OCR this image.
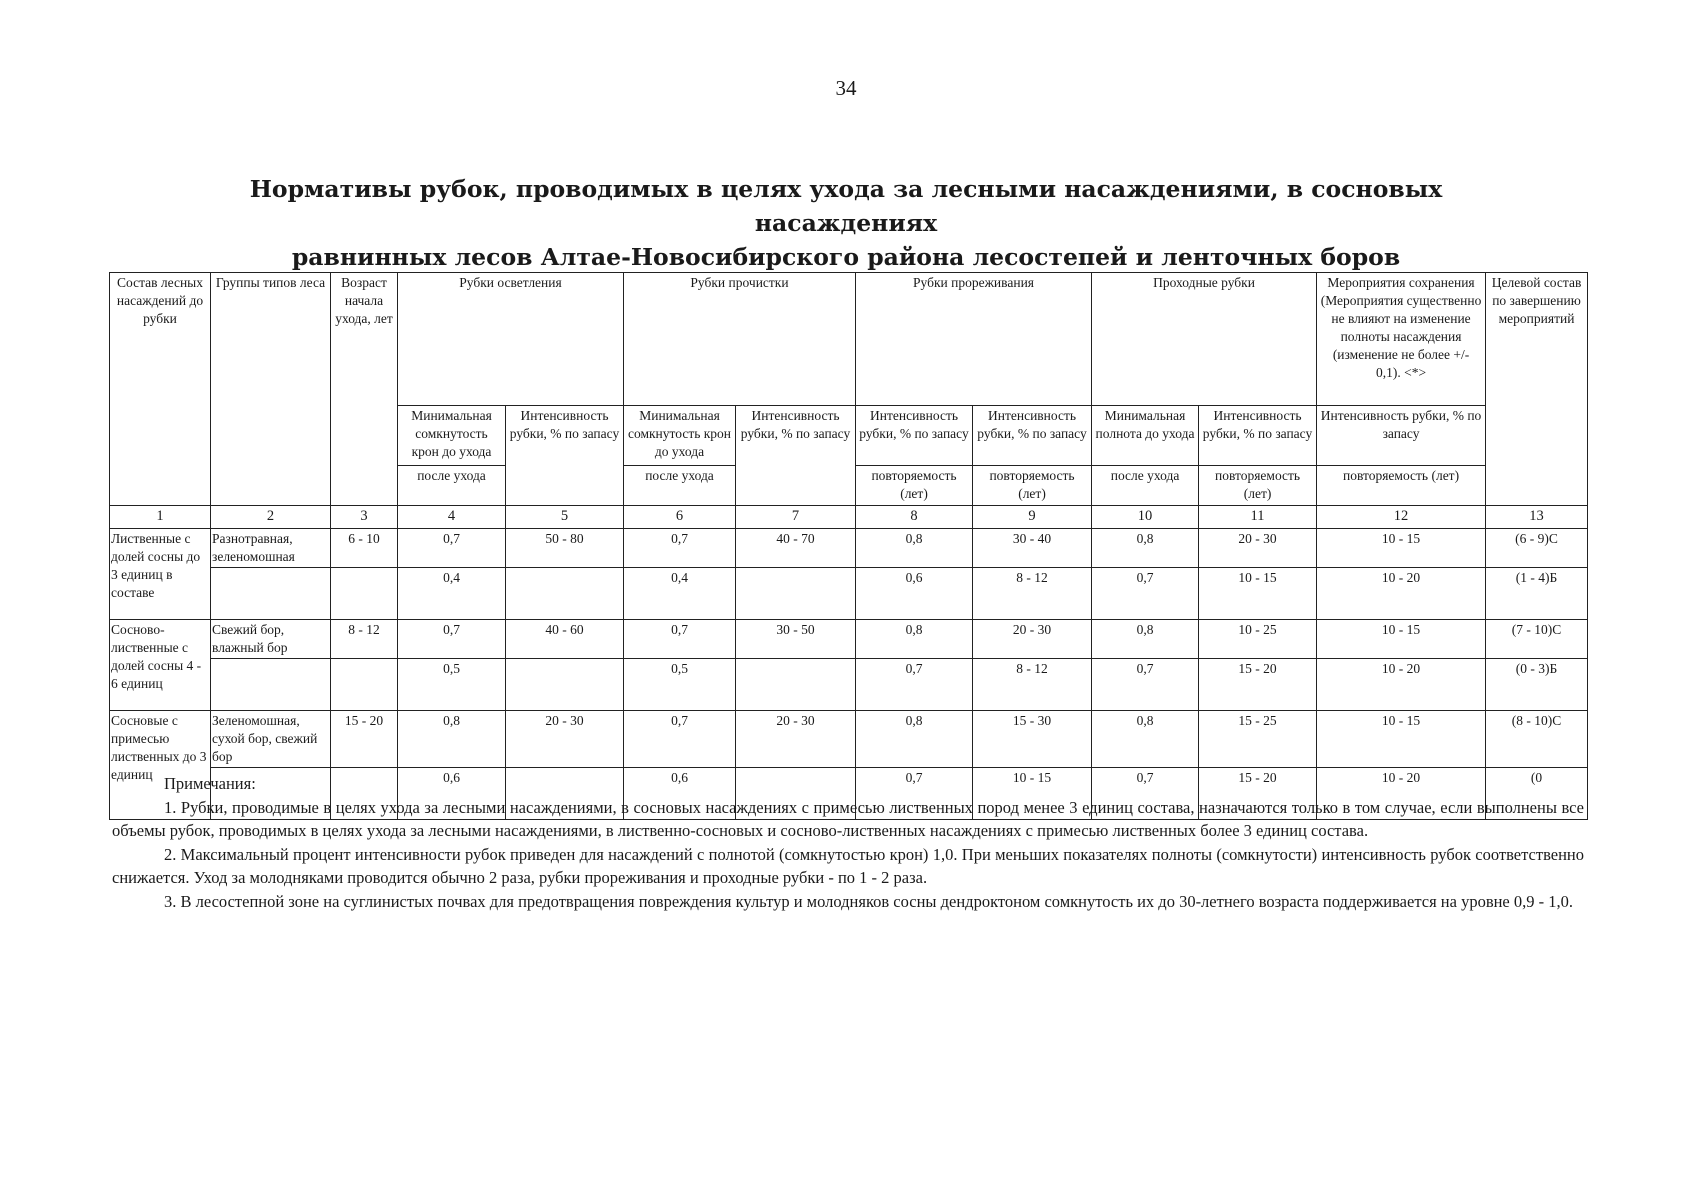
34
Нормативы рубок, проводимых в целях ухода за лесными насаждениями, в сосновых насаждениях
равнинных лесов Алтае-Новосибирского района лесостепей и ленточных боров
Состав лесных насаждений до рубки	Группы типов леса	Возраст начала ухода, лет	Рубки осветления		Рубки прочистки		Рубки прореживания		Проходные рубки		Мероприятия сохранения (Мероприятия существенно не влияют на изменение полноты насаждения (изменение не более +/- 0,1). <*>	Целевой состав по завершению мероприятий
			Минимальная сомкнутость крон до ухода	Интенсивность рубки, % по запасу	Минимальная сомкнутость крон до ухода	Интенсивность рубки, % по запасу	Интенсивность рубки, % по запасу	Интенсивность рубки, % по запасу	Минимальная полнота до ухода	Интенсивность рубки, % по запасу	Интенсивность рубки, % по запасу	
			после ухода		после ухода		повторяемость (лет)	повторяемость (лет)	после ухода	повторяемость (лет)	повторяемость (лет)	
1	2	3	4	5	6	7	8	9	10	11	12	13
Лиственные с долей сосны до 3 единиц в составе	Разнотравная, зеленомошная	6 - 10	0,7	50 - 80	0,7	40 - 70	0,8	30 - 40	0,8	20 - 30	10 - 15	(6 - 9)С
			0,4		0,4		0,6	8 - 12	0,7	10 - 15	10 - 20	(1 - 4)Б
Сосново-лиственные с долей сосны 4 - 6 единиц	Свежий бор, влажный бор	8 - 12	0,7	40 - 60	0,7	30 - 50	0,8	20 - 30	0,8	10 - 25	10 - 15	(7 - 10)С
			0,5		0,5		0,7	8 - 12	0,7	15 - 20	10 - 20	(0 - 3)Б
Сосновые с примесью лиственных до 3 единиц	Зеленомошная, сухой бор, свежий бор	15 - 20	0,8	20 - 30	0,7	20 - 30	0,8	15 - 30	0,8	15 - 25	10 - 15	(8 - 10)С
			0,6		0,6		0,7	10 - 15	0,7	15 - 20	10 - 20	(0
Примечания:

1. Рубки, проводимые в целях ухода за лесными насаждениями, в сосновых насаждениях с примесью лиственных пород менее 3 единиц состава, назначаются только в том случае, если выполнены все объемы рубок, проводимых в целях ухода за лесными насаждениями, в лиственно-сосновых и сосново-лиственных насаждениях с примесью лиственных более 3 единиц состава.

2. Максимальный процент интенсивности рубок приведен для насаждений с полнотой (сомкнутостью крон) 1,0. При меньших показателях полноты (сомкнутости) интенсивность рубок соответственно снижается. Уход за молодняками проводится обычно 2 раза, рубки прореживания и проходные рубки - по 1 - 2 раза.

3. В лесостепной зоне на суглинистых почвах для предотвращения повреждения культур и молодняков сосны дендроктоном сомкнутость их до 30-летнего возраста поддерживается на уровне 0,9 - 1,0.
